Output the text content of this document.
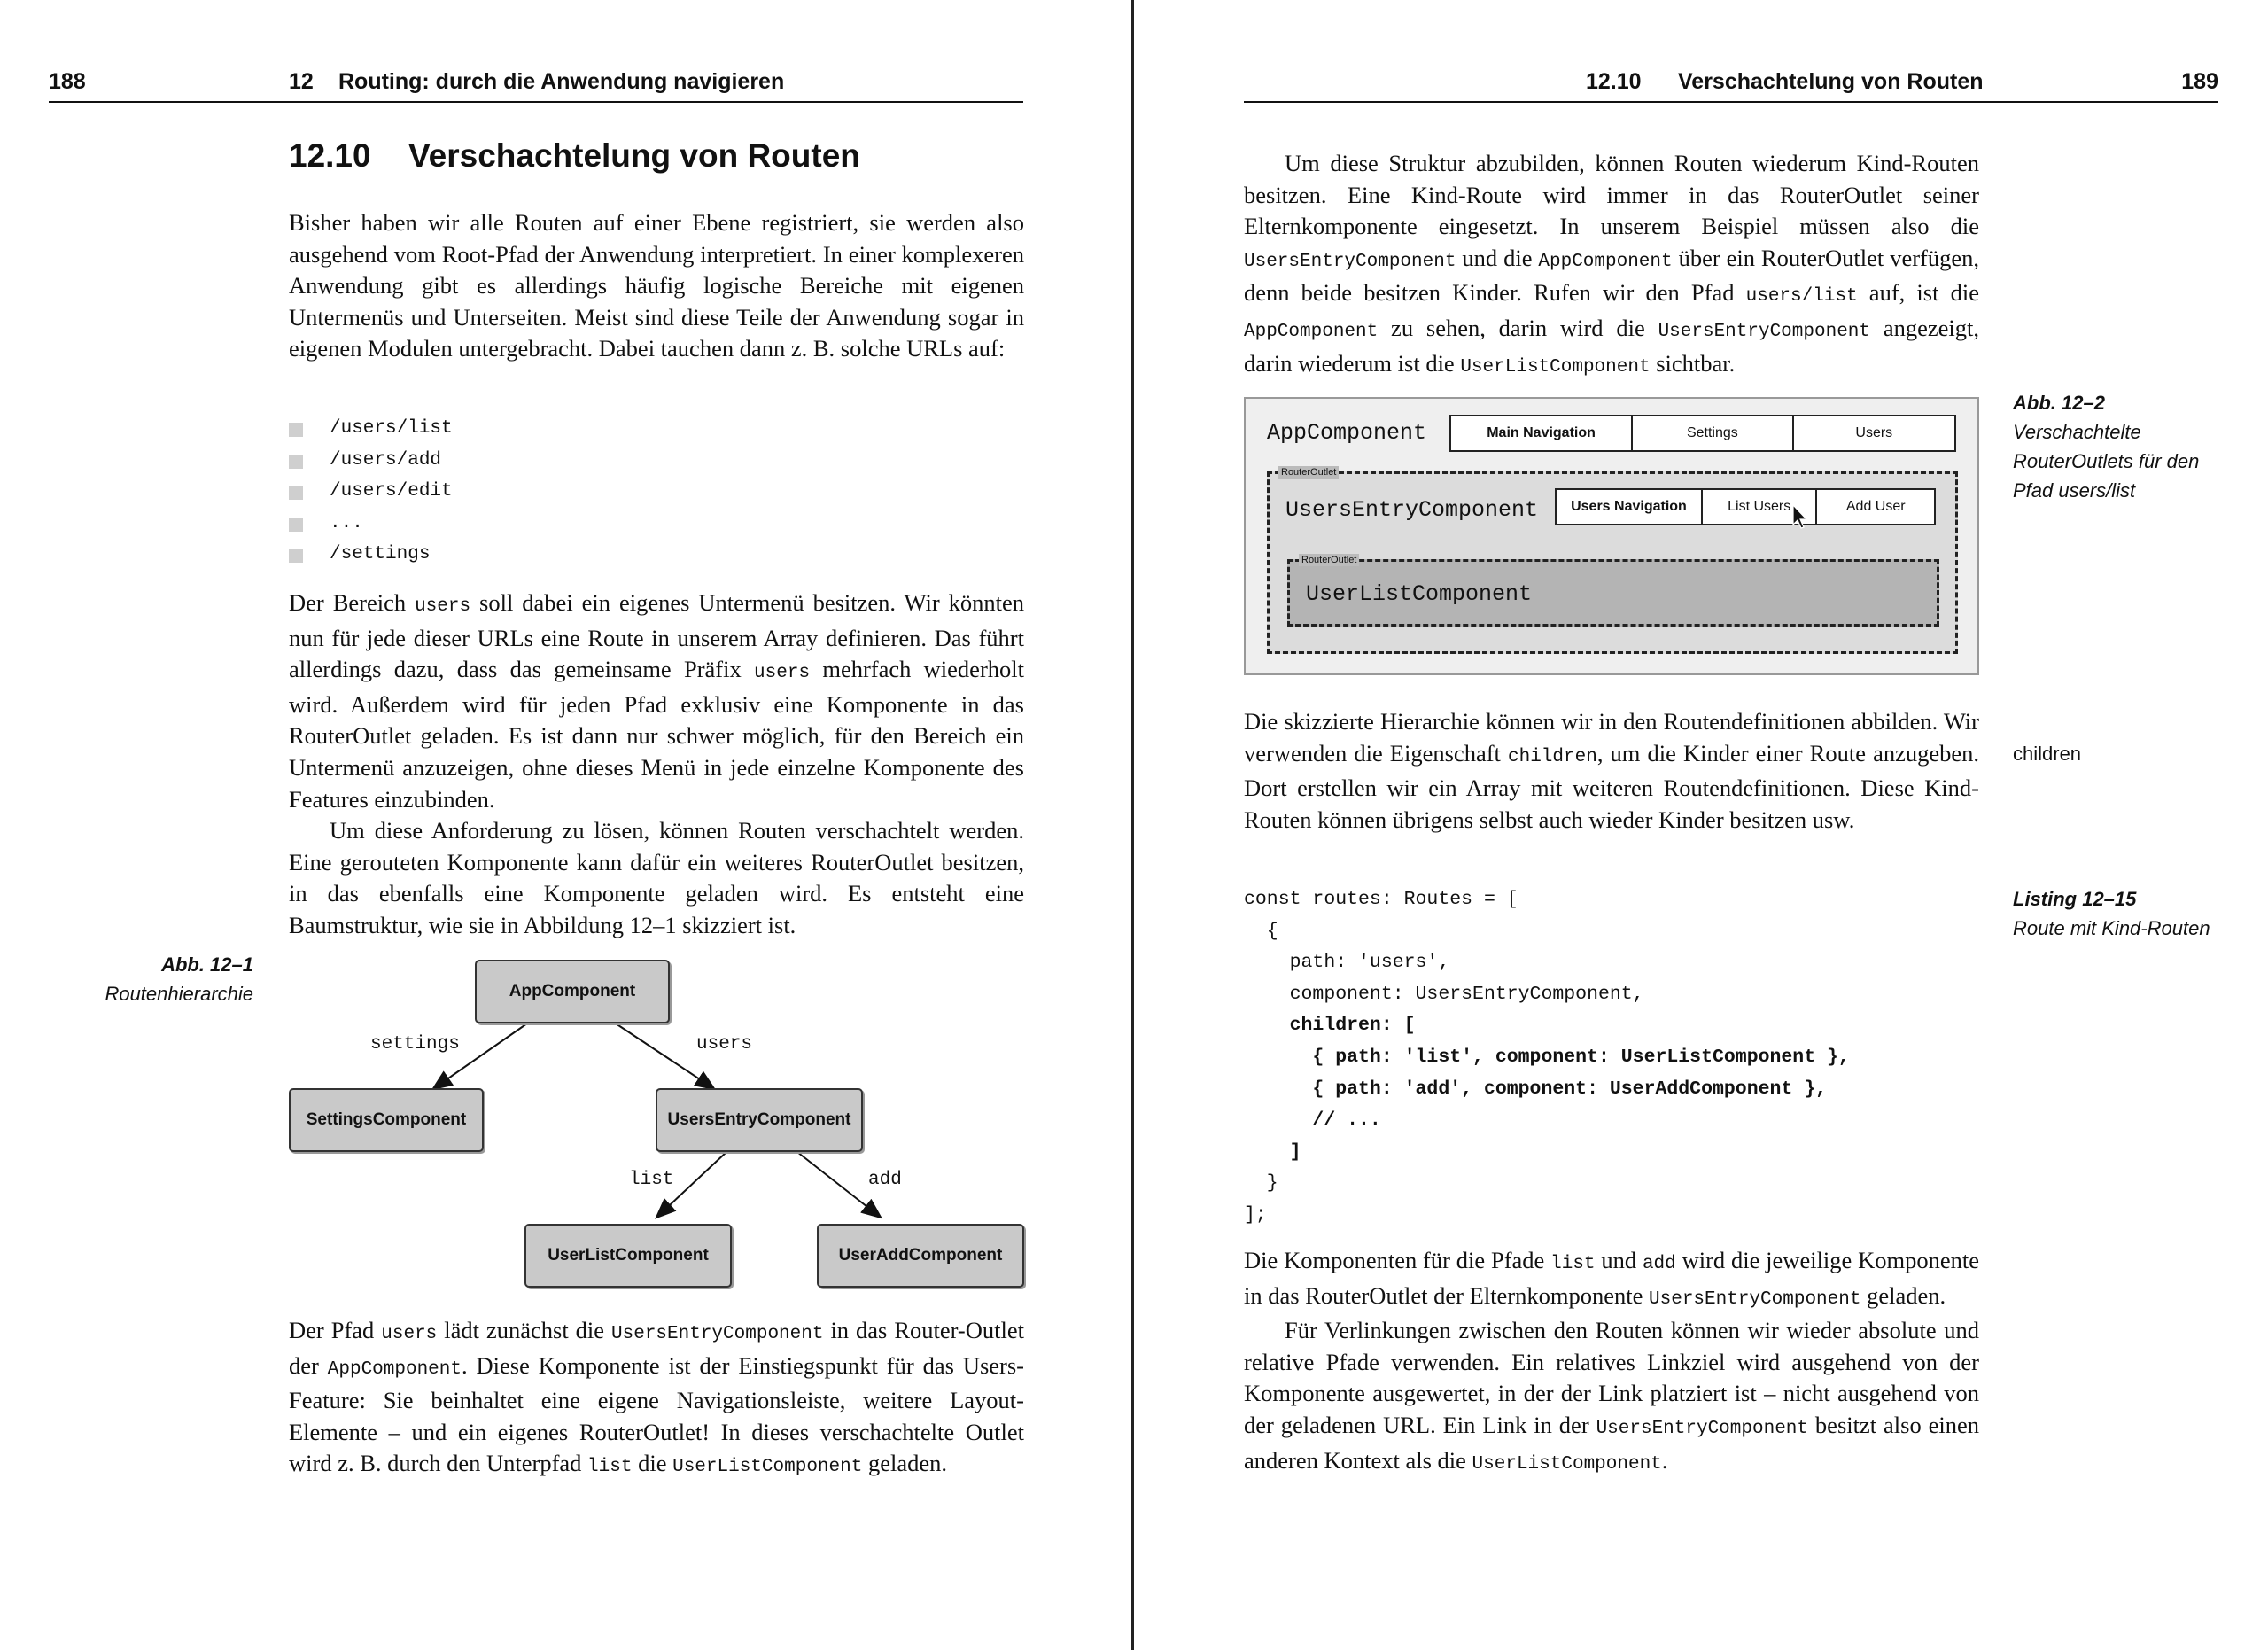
188	12 Routing: durch die Anwendung navigieren
12.10 Verschachtelung von Routen

Bisher haben wir alle Routen auf einer Ebene registriert, sie werden also ausgehend vom Root-Pfad der Anwendung interpretiert. In einer komplexeren Anwendung gibt es allerdings häufig logische Bereiche mit eigenen Untermenüs und Unterseiten. Meist sind diese Teile der Anwendung sogar in eigenen Modulen untergebracht. Dabei tauchen dann z. B. solche URLs auf:

/users/list
/users/add
/users/edit
...
/settings

Der Bereich users soll dabei ein eigenes Untermenü besitzen. Wir könnten nun für jede dieser URLs eine Route in unserem Array definieren. Das führt allerdings dazu, dass das gemeinsame Präfix users mehrfach wiederholt wird. Außerdem wird für jeden Pfad exklusiv eine Komponente in das RouterOutlet geladen. Es ist dann nur schwer möglich, für den Bereich ein Untermenü anzuzeigen, ohne dieses Menü in jede einzelne Komponente des Features einzubinden.

Um diese Anforderung zu lösen, können Routen verschachtelt werden. Eine gerouteten Komponente kann dafür ein weiteres RouterOutlet besitzen, in das ebenfalls eine Komponente geladen wird. Es entsteht eine Baumstruktur, wie sie in Abbildung 12–1 skizziert ist.

Abb. 12–1
Routenhierarchie	AppComponent
SettingsComponent	UsersEntryComponent
UserListComponent	UserAddComponent
settings	users
list	add

Der Pfad users lädt zunächst die UsersEntryComponent in das Router-Outlet der AppComponent. Diese Komponente ist der Einstiegspunkt für das Users-Feature: Sie beinhaltet eine eigene Navigationsleiste, weitere Layout-Elemente – und ein eigenes RouterOutlet! In dieses verschachtelte Outlet wird z. B. durch den Unterpfad list die UserListComponent geladen.

12.10 Verschachtelung von Routen	189

Um diese Struktur abzubilden, können Routen wiederum Kind-Routen besitzen. Eine Kind-Route wird immer in das RouterOutlet seiner Elternkomponente eingesetzt. In unserem Beispiel müssen also die UsersEntryComponent und die AppComponent über ein RouterOutlet verfügen, denn beide besitzen Kinder. Rufen wir den Pfad users/list auf, ist die AppComponent zu sehen, darin wird die UsersEntryComponent angezeigt, darin wiederum ist die UserListComponent sichtbar.

AppComponent	Main Navigation	Settings	Users
RouterOutlet
UsersEntryComponent	Users Navigation	List Users	Add User
RouterOutlet
UserListComponent
Abb. 12–2
Verschachtelte
RouterOutlets für den
Pfad users/list

Die skizzierte Hierarchie können wir in den Routendefinitionen abbilden. Wir verwenden die Eigenschaft children, um die Kinder einer Route anzugeben. Dort erstellen wir ein Array mit weiteren Routendefinitionen. Diese Kind-Routen können übrigens selbst auch wieder Kinder besitzen usw.

children
Listing 12–15
Route mit Kind-Routen
const routes: Routes = [
{
path: 'users',
component: UsersEntryComponent,
children: [
{ path: 'list', component: UserListComponent },
{ path: 'add', component: UserAddComponent },
// ...
]
}
];

Die Komponenten für die Pfade list und add wird die jeweilige Komponente in das RouterOutlet der Elternkomponente UsersEntryComponent geladen.

Für Verlinkungen zwischen den Routen können wir wieder absolute und relative Pfade verwenden. Ein relatives Linkziel wird ausgehend von der Komponente ausgewertet, in der der Link platziert ist – nicht ausgehend von der geladenen URL. Ein Link in der UsersEntryComponent besitzt also einen anderen Kontext als die UserListComponent.
